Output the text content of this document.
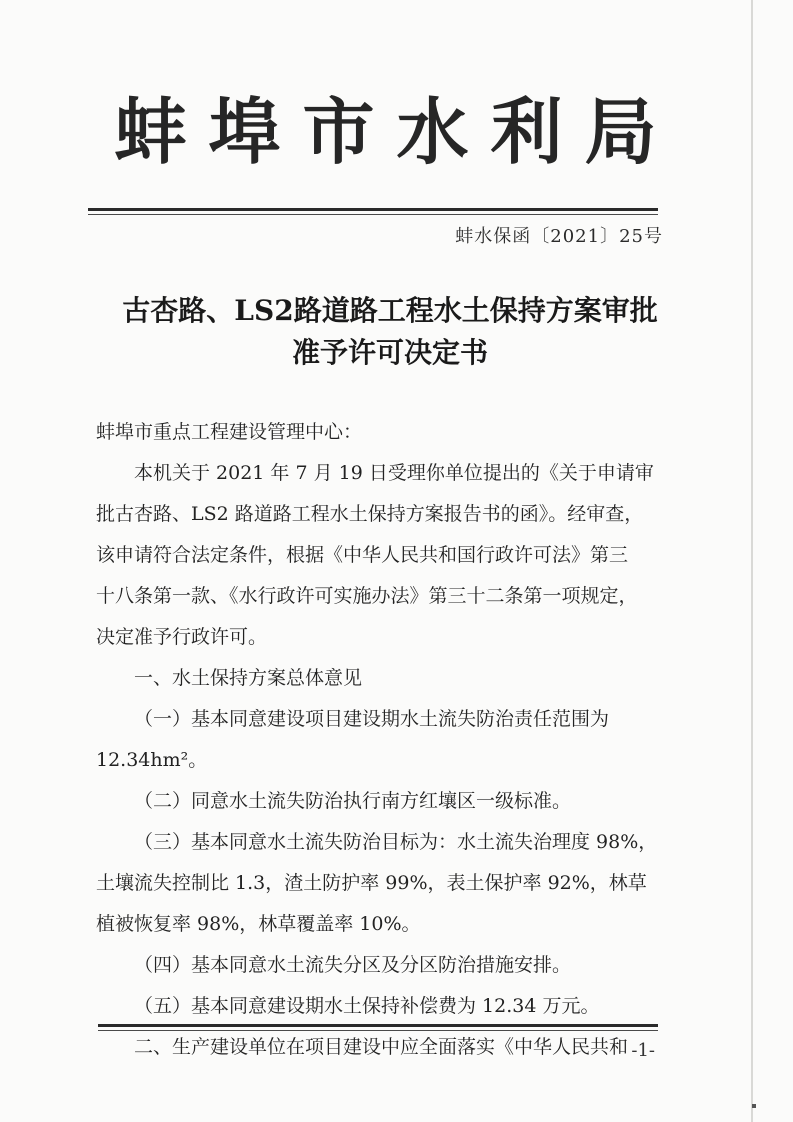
蚌埠市水利局
蚌水保函〔2021〕25号
古杏路、LS2路道路工程水土保持方案审批
准予许可决定书

蚌埠市重点工程建设管理中心：

本机关于 2021 年 7 月 19 日受理你单位提出的《关于申请审

批古杏路、LS2 路道路工程水土保持方案报告书的函》。经审查，

该申请符合法定条件，根据《中华人民共和国行政许可法》第三

十八条第一款、《水行政许可实施办法》第三十二条第一项规定，

决定准予行政许可。

一、水土保持方案总体意见

（一）基本同意建设项目建设期水土流失防治责任范围为

12.34hm²。

（二）同意水土流失防治执行南方红壤区一级标准。

（三）基本同意水土流失防治目标为：水土流失治理度 98%，

土壤流失控制比 1.3，渣土防护率 99%，表土保护率 92%，林草

植被恢复率 98%，林草覆盖率 10%。

（四）基本同意水土流失分区及分区防治措施安排。

（五）基本同意建设期水土保持补偿费为 12.34 万元。

二、生产建设单位在项目建设中应全面落实《中华人民共和 -1-
